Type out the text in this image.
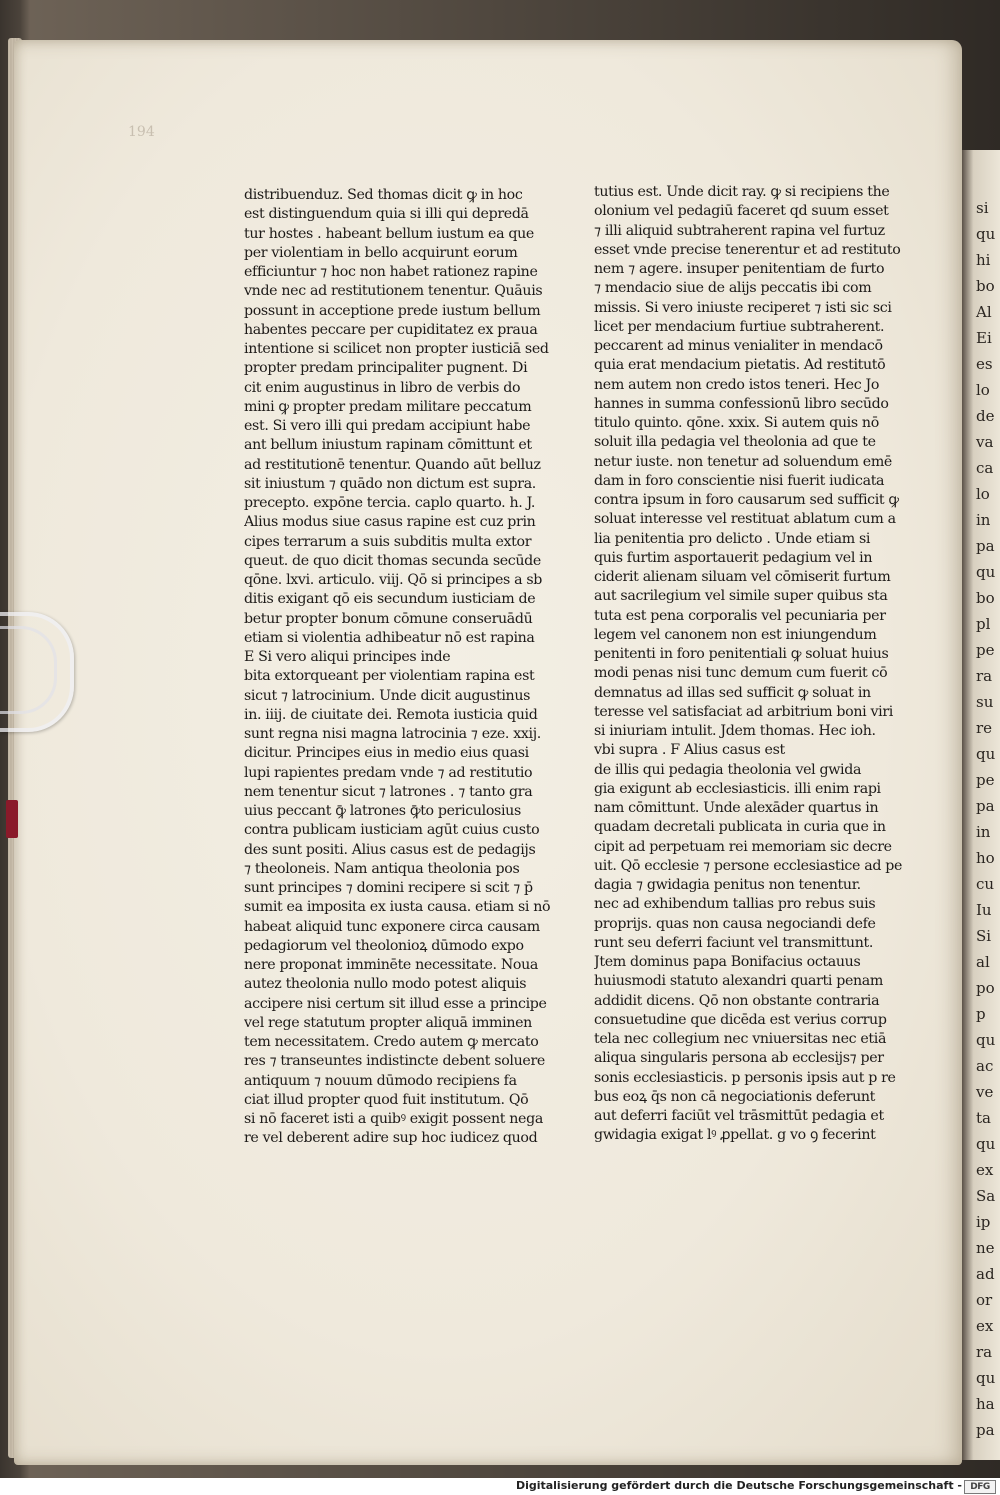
si
qu
hi
bo
Al
Ei
es
lo
de
va
ca
lo
in
pa
qu
bo
pl
pe
ra
su
re
qu
pe
pa
in
ho
cu
Iu
Si
al
po
p
qu
ac
ve
ta
qu
ex
Sa
ip
ne
ad
or
ex
ra
qu
ha
pa
194
distribuenduz. Sed thomas dicit ꝙ in hoc
est distinguendum quia si illi qui depredā
tur hostes . habeant bellum iustum ea que
per violentiam in bello acquirunt eorum
efficiuntur ⁊ hoc non habet rationez rapine
vnde nec ad restitutionem tenentur. Quāuis
possunt in acceptione prede iustum bellum
habentes peccare per cupiditatez ex praua
intentione si scilicet non propter iusticiā sed
propter predam principaliter pugnent. Di
cit enim augustinus in libro de verbis do
mini ꝙ propter predam militare peccatum
est. Si vero illi qui predam accipiunt habe
ant bellum iniustum rapinam cōmittunt et
ad restitutionē tenentur. Quando aūt belluz
sit iniustum ⁊ quādo non dictum est supra.
precepto. expōne tercia. caplo quarto. h. J.
Alius modus siue casus rapine est cuz prin
cipes terrarum a suis subditis multa extor
queut. de quo dicit thomas secunda secūde
qōne. lxvi. articulo. viij. Qō si principes a sb
ditis exigant qō eis secundum iusticiam de
betur propter bonum cōmune conseruādū
etiam si violentia adhibeatur nō est rapina
E Si vero aliqui principes inde
bita extorqueant per violentiam rapina est
sicut ⁊ latrocinium. Unde dicit augustinus
in. iiij. de ciuitate dei. Remota iusticia quid
sunt regna nisi magna latrocinia ⁊ eze. xxij.
dicitur. Principes eius in medio eius quasi
lupi rapientes predam vnde ⁊ ad restitutio
nem tenentur sicut ⁊ latrones . ⁊ tanto gra
uius peccant ꝙ̄ latrones ꝙ̄to periculosius
contra publicam iusticiam agūt cuius custo
des sunt positi. Alius casus est de pedagijs
⁊ theoloneis. Nam antiqua theolonia pos
sunt principes ⁊ domini recipere si scit ⁊ p̄
sumit ea imposita ex iusta causa. etiam si nō
habeat aliquid tunc exponere circa causam
pedagiorum vel theolonioꝝ dūmodo expo
nere proponat imminēte necessitate. Noua
autez theolonia nullo modo potest aliquis
accipere nisi certum sit illud esse a principe
vel rege statutum propter aliquā imminen
tem necessitatem. Credo autem ꝙ mercato
res ⁊ transeuntes indistincte debent soluere
antiquum ⁊ nouum dūmodo recipiens fa
ciat illud propter quod fuit institutum. Qō
si nō faceret isti a quibꝰ exigit possent nega
re vel deberent adire sup hoc iudicez quod
tutius est. Unde dicit ray. ꝙ si recipiens the
olonium vel pedagiū faceret qd suum esset
⁊ illi aliquid subtraherent rapina vel furtuz
esset vnde precise tenerentur et ad restituto
nem ⁊ agere. insuper penitentiam de furto
⁊ mendacio siue de alijs peccatis ibi com
missis. Si vero iniuste reciperet ⁊ isti sic sci
licet per mendacium furtiue subtraherent.
peccarent ad minus venialiter in mendacō
quia erat mendacium pietatis. Ad restitutō
nem autem non credo istos teneri. Hec Jo
hannes in summa confessionū libro secūdo
titulo quinto. qōne. xxix. Si autem quis nō
soluit illa pedagia vel theolonia ad que te
netur iuste. non tenetur ad soluendum emē
dam in foro conscientie nisi fuerit iudicata
contra ipsum in foro causarum sed sufficit ꝙ
soluat interesse vel restituat ablatum cum a
lia penitentia pro delicto . Unde etiam si
quis furtim asportauerit pedagium vel in
ciderit alienam siluam vel cōmiserit furtum
aut sacrilegium vel simile super quibus sta
tuta est pena corporalis vel pecuniaria per
legem vel canonem non est iniungendum
penitenti in foro penitentiali ꝙ soluat huius
modi penas nisi tunc demum cum fuerit cō
demnatus ad illas sed sufficit ꝙ soluat in
teresse vel satisfaciat ad arbitrium boni viri
si iniuriam intulit. Jdem thomas. Hec ioh.
vbi supra . F Alius casus est
de illis qui pedagia theolonia vel gwida
gia exigunt ab ecclesiasticis. illi enim rapi
nam cōmittunt. Unde alexāder quartus in
quadam decretali publicata in curia que in
cipit ad perpetuam rei memoriam sic decre
uit. Qō ecclesie ⁊ persone ecclesiastice ad pe
dagia ⁊ gwidagia penitus non tenentur.
nec ad exhibendum tallias pro rebus suis
proprijs. quas non causa negociandi defe
runt seu deferri faciunt vel transmittunt.
Jtem dominus papa Bonifacius octauus
huiusmodi statuto alexandri quarti penam
addidit dicens. Qō non obstante contraria
consuetudine que dicēda est verius corrup
tela nec collegium nec vniuersitas nec etiā
aliqua singularis persona ab ecclesijs⁊ per
sonis ecclesiasticis. p personis ipsis aut p re
bus eoꝝ q̄s non cā negociationis deferunt
aut deferri faciūt vel trāsmittūt pedagia et
gwidagia exigat lꝰ ꝓpellat. g vo ꝯ fecerint
Digitalisierung gefördert durch die Deutsche Forschungsgemeinschaft - DFG
